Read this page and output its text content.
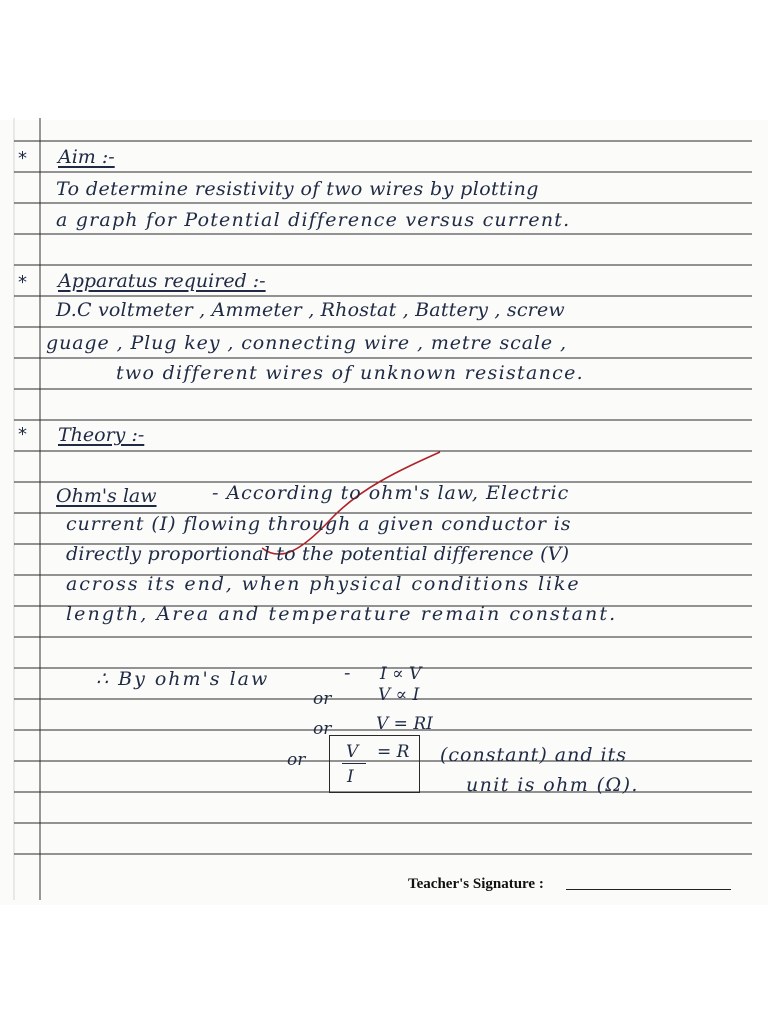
* Aim :-
To determine resistivity of two wires by plotting
a graph for Potential difference versus current.
* Apparatus required :-
D.C voltmeter , Ammeter , Rhostat , Battery , screw
guage , Plug key , connecting wire , metre scale ,
two different wires of unknown resistance.
* Theory :-
Ohm's law	- According to ohm's law, Electric
current (I) flowing through a given conductor is
directly proportional to the potential difference (V)
across its end, when physical conditions like
length, Area and temperature remain constant.
∴ By ohm's law	- I ∝ V
or	V ∝ I
or	V = RI
or V = R
I
(constant) and its
unit is ohm (Ω).
Teacher's Signature :
